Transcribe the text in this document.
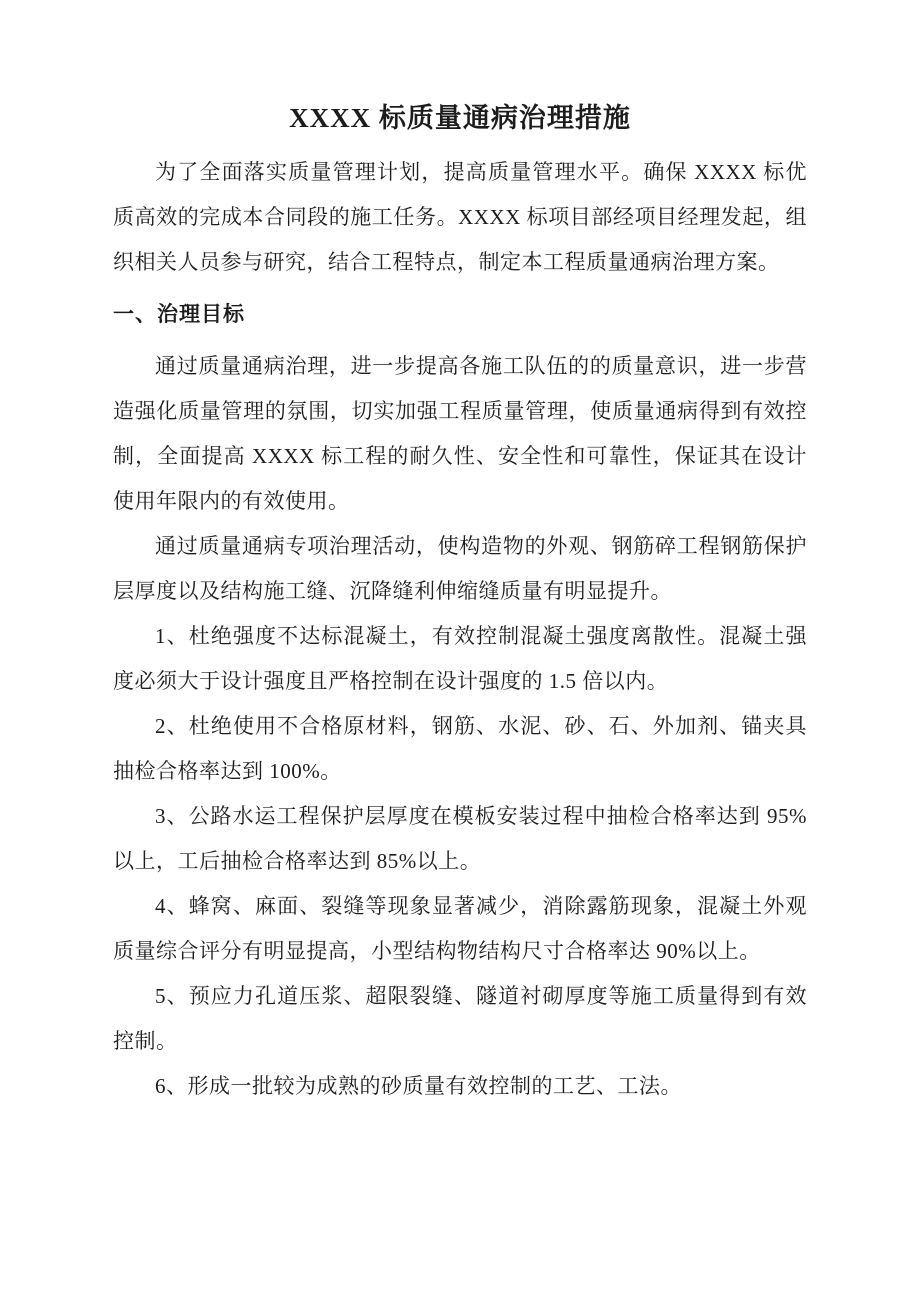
XXXX 标质量通病治理措施

为了全面落实质量管理计划，提高质量管理水平。确保 XXXX 标优质高效的完成本合同段的施工任务。XXXX 标项目部经项目经理发起，组织相关人员参与研究，结合工程特点，制定本工程质量通病治理方案。

一、治理目标

通过质量通病治理，进一步提高各施工队伍的的质量意识，进一步营造强化质量管理的氛围，切实加强工程质量管理，使质量通病得到有效控制，全面提高 XXXX 标工程的耐久性、安全性和可靠性，保证其在设计使用年限内的有效使用。

通过质量通病专项治理活动，使构造物的外观、钢筋碎工程钢筋保护层厚度以及结构施工缝、沉降缝利伸缩缝质量有明显提升。

1、杜绝强度不达标混凝土，有效控制混凝土强度离散性。混凝土强度必须大于设计强度且严格控制在设计强度的 1.5 倍以内。

2、杜绝使用不合格原材料，钢筋、水泥、砂、石、外加剂、锚夹具抽检合格率达到 100%。

3、公路水运工程保护层厚度在模板安装过程中抽检合格率达到 95%以上，工后抽检合格率达到 85%以上。

4、蜂窝、麻面、裂缝等现象显著减少，消除露筋现象，混凝土外观质量综合评分有明显提高，小型结构物结构尺寸合格率达 90%以上。

5、预应力孔道压浆、超限裂缝、隧道衬砌厚度等施工质量得到有效控制。

6、形成一批较为成熟的砂质量有效控制的工艺、工法。
